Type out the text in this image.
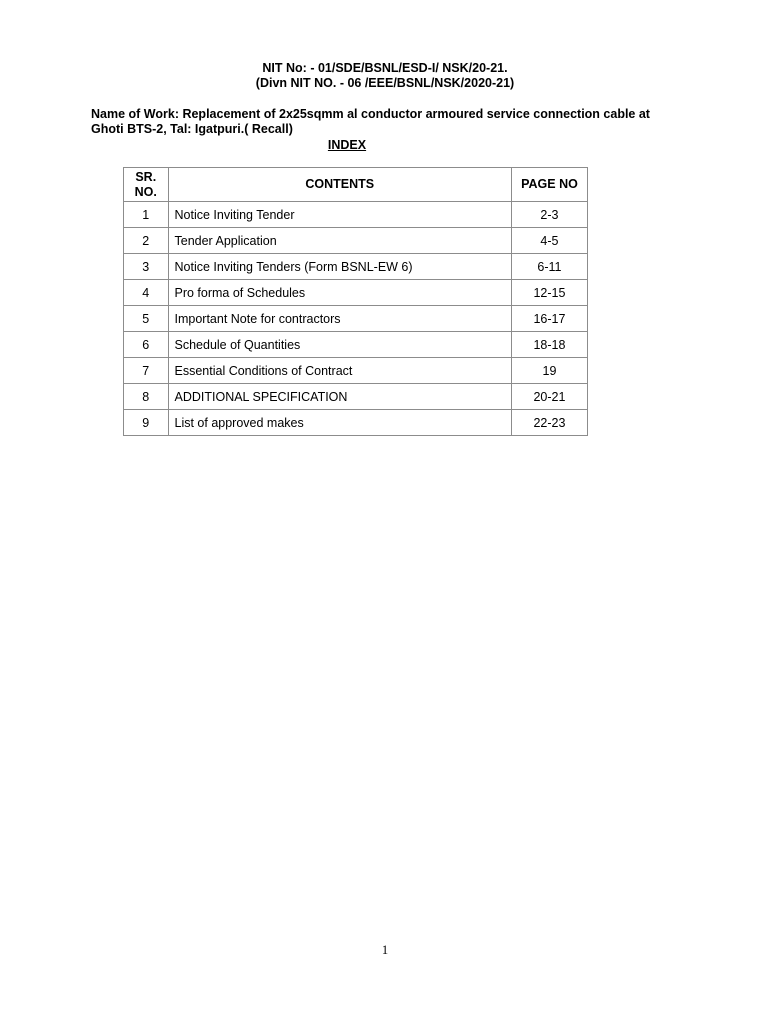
NIT No: - 01/SDE/BSNL/ESD-I/ NSK/20-21.
(Divn NIT NO. - 06 /EEE/BSNL/NSK/2020-21)
Name of Work: Replacement of 2x25sqmm al conductor armoured service connection cable at
Ghoti BTS-2, Tal: Igatpuri.( Recall)
INDEX
SR.
NO.	CONTENTS	PAGE NO
1	Notice Inviting Tender	2-3
2	Tender Application	4-5
3	Notice Inviting Tenders (Form BSNL-EW 6)	6-11
4	Pro forma of Schedules	12-15
5	Important Note for contractors	16-17
6	Schedule of Quantities	18-18
7	Essential Conditions of Contract	19
8	ADDITIONAL SPECIFICATION	20-21
9	List of approved makes	22-23
1
